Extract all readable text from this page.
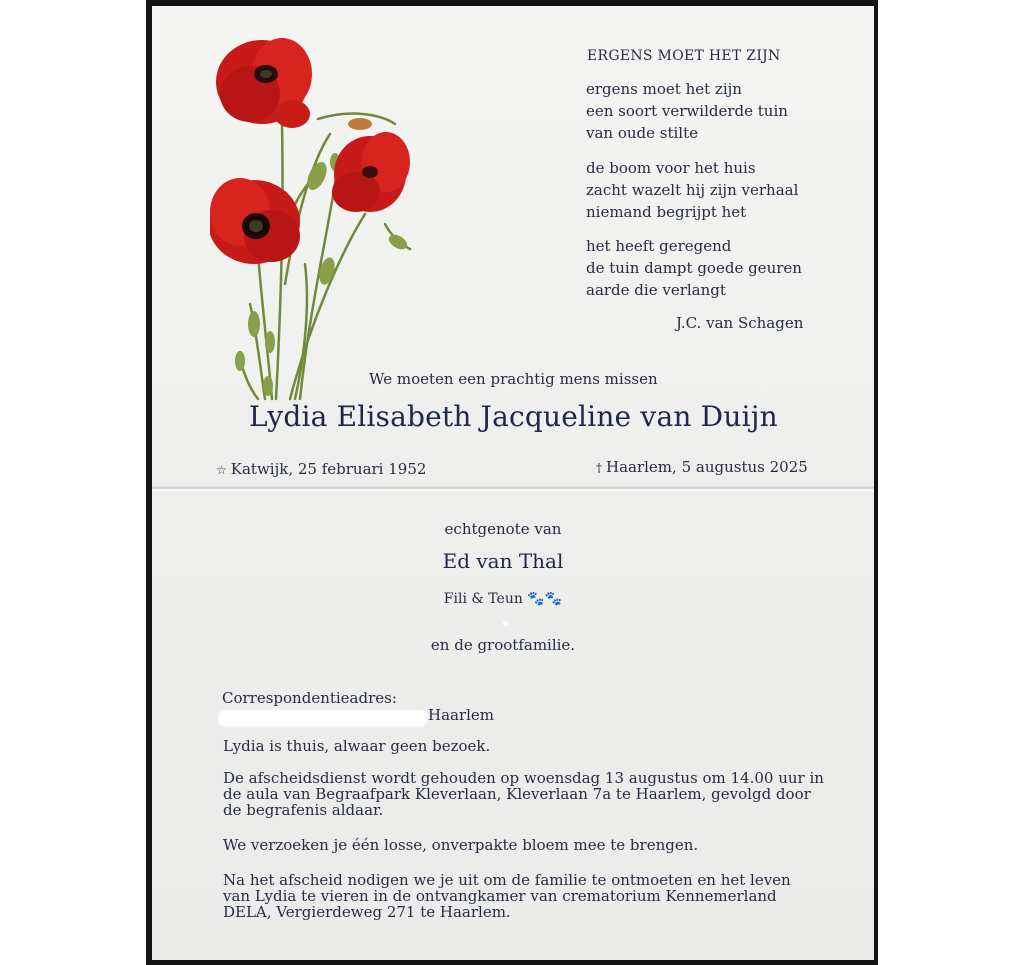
ERGENS MOET HET ZIJN
ergens moet het zijn
een soort verwilderde tuin
van oude stilte
de boom voor het huis
zacht wazelt hij zijn verhaal
niemand begrijpt het
het heeft geregend
de tuin dampt goede geuren
aarde die verlangt
J.C. van Schagen
We moeten een prachtig mens missen
Lydia Elisabeth Jacqueline van Duijn
☆ Katwijk, 25 februari 1952	† Haarlem, 5 augustus 2025
echtgenote van
Ed van Thal
Fili & Teun 🐾🐾
en de grootfamilie.
Correspondentieadres:
Haarlem
Lydia is thuis, alwaar geen bezoek.
De afscheidsdienst wordt gehouden op woensdag 13 augustus om 14.00 uur in
de aula van Begraafpark Kleverlaan, Kleverlaan 7a te Haarlem, gevolgd door
de begrafenis aldaar.
We verzoeken je één losse, onverpakte bloem mee te brengen.
Na het afscheid nodigen we je uit om de familie te ontmoeten en het leven
van Lydia te vieren in de ontvangkamer van crematorium Kennemerland
DELA, Vergierdeweg 271 te Haarlem.
